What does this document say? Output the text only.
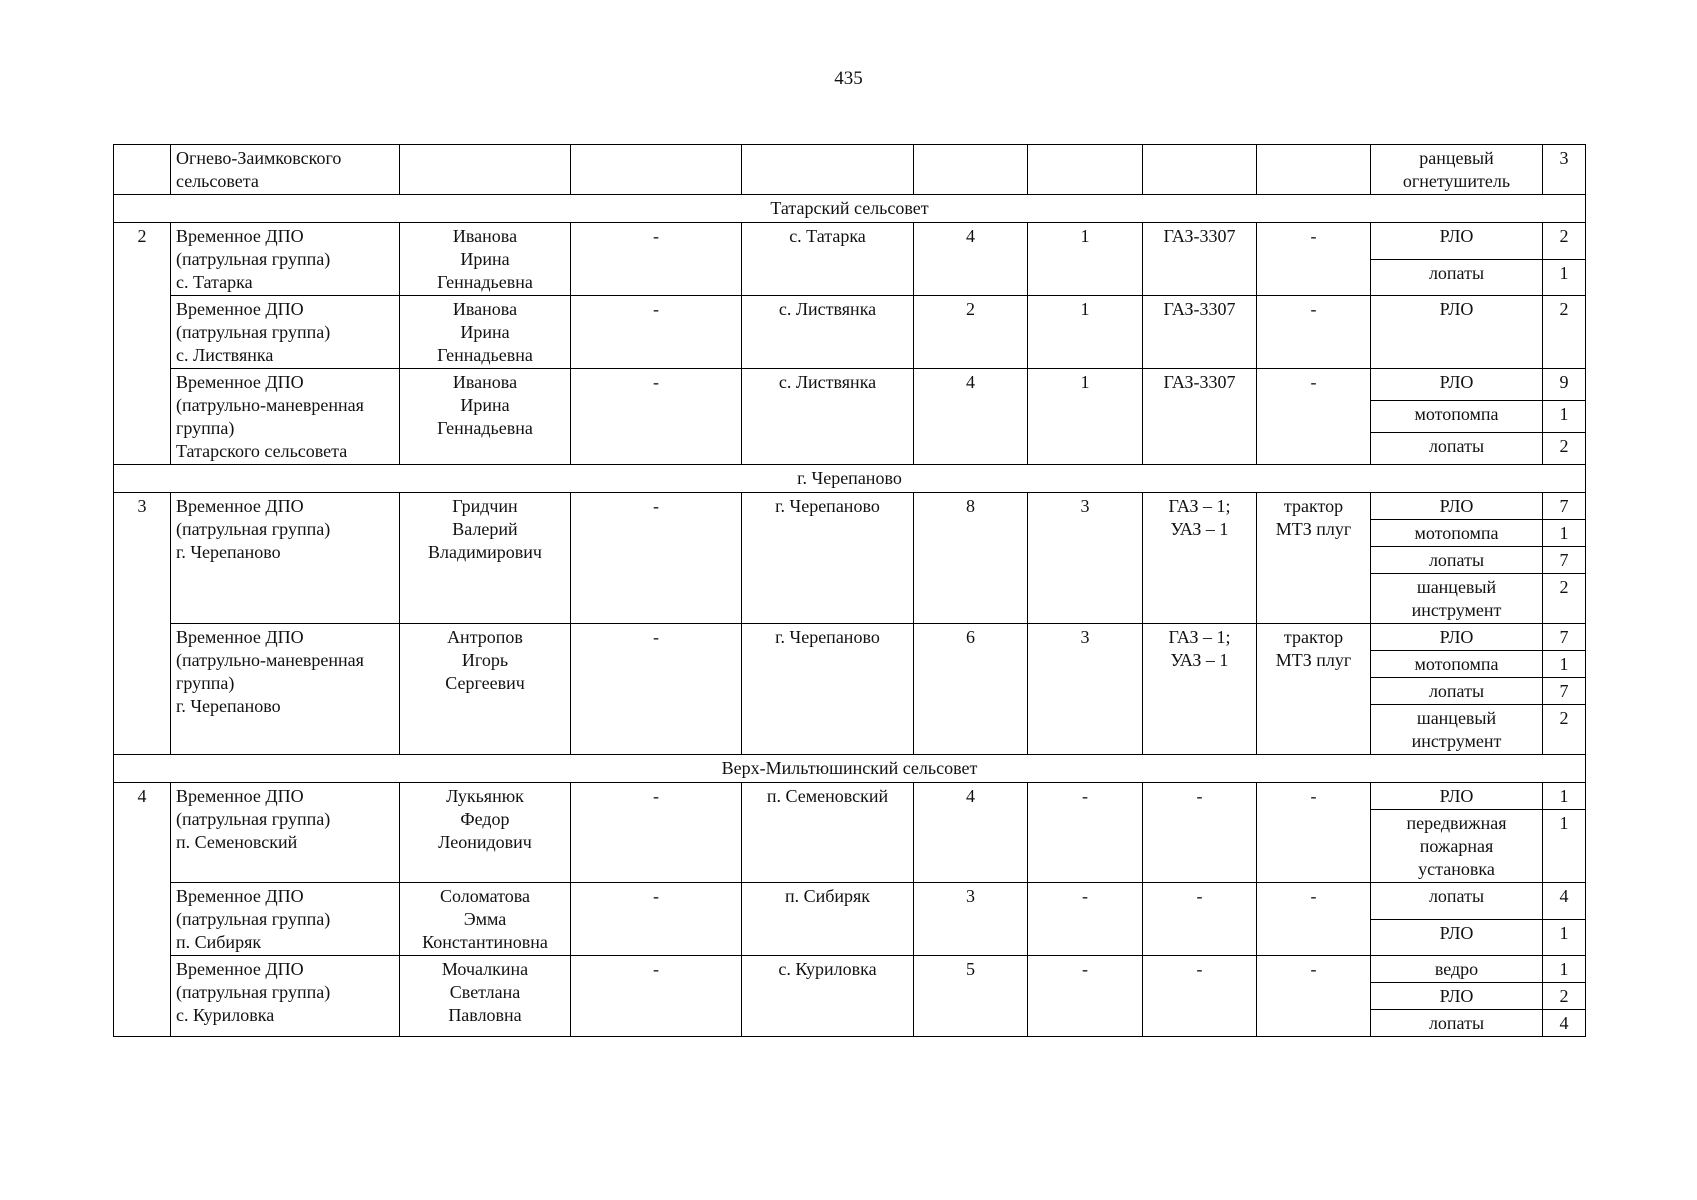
435
	Огнево-Заимковского
сельсовета								ранцевый
огнетушитель	3
Татарский сельсовет										
2	Временное ДПО
(патрульная группа)
с. Татарка	Иванова
Ирина
Геннадьевна	-	с. Татарка	4	1	ГАЗ-3307	-	РЛО	2
									лопаты	1
	Временное ДПО
(патрульная группа)
с. Листвянка	Иванова
Ирина
Геннадьевна	-	с. Листвянка	2	1	ГАЗ-3307	-	РЛО	2
	Временное ДПО
(патрульно-маневренная
группа)
Татарского сельсовета	Иванова
Ирина
Геннадьевна	-	с. Листвянка	4	1	ГАЗ-3307	-	РЛО	9
									мотопомпа	1
									лопаты	2
г. Черепаново										
3	Временное ДПО
(патрульная группа)
г. Черепаново	Гридчин
Валерий
Владимирович	-	г. Черепаново	8	3	ГАЗ – 1;
УАЗ – 1	трактор
МТЗ плуг	РЛО	7
									мотопомпа	1
									лопаты	7
									шанцевый
инструмент	2
	Временное ДПО
(патрульно-маневренная
группа)
г. Черепаново	Антропов
Игорь
Сергеевич	-	г. Черепаново	6	3	ГАЗ – 1;
УАЗ – 1	трактор
МТЗ плуг	РЛО	7
									мотопомпа	1
									лопаты	7
									шанцевый
инструмент	2
Верх-Мильтюшинский сельсовет										
4	Временное ДПО
(патрульная группа)
п. Семеновский	Лукьянюк
Федор
Леонидович	-	п. Семеновский	4	-	-	-	РЛО	1
									передвижная
пожарная
установка	1
	Временное ДПО
(патрульная группа)
п. Сибиряк	Соломатова
Эмма
Константиновна	-	п. Сибиряк	3	-	-	-	лопаты	4
									РЛО	1
	Временное ДПО
(патрульная группа)
с. Куриловка	Мочалкина
Светлана
Павловна	-	с. Куриловка	5	-	-	-	ведро	1
									РЛО	2
									лопаты	4
